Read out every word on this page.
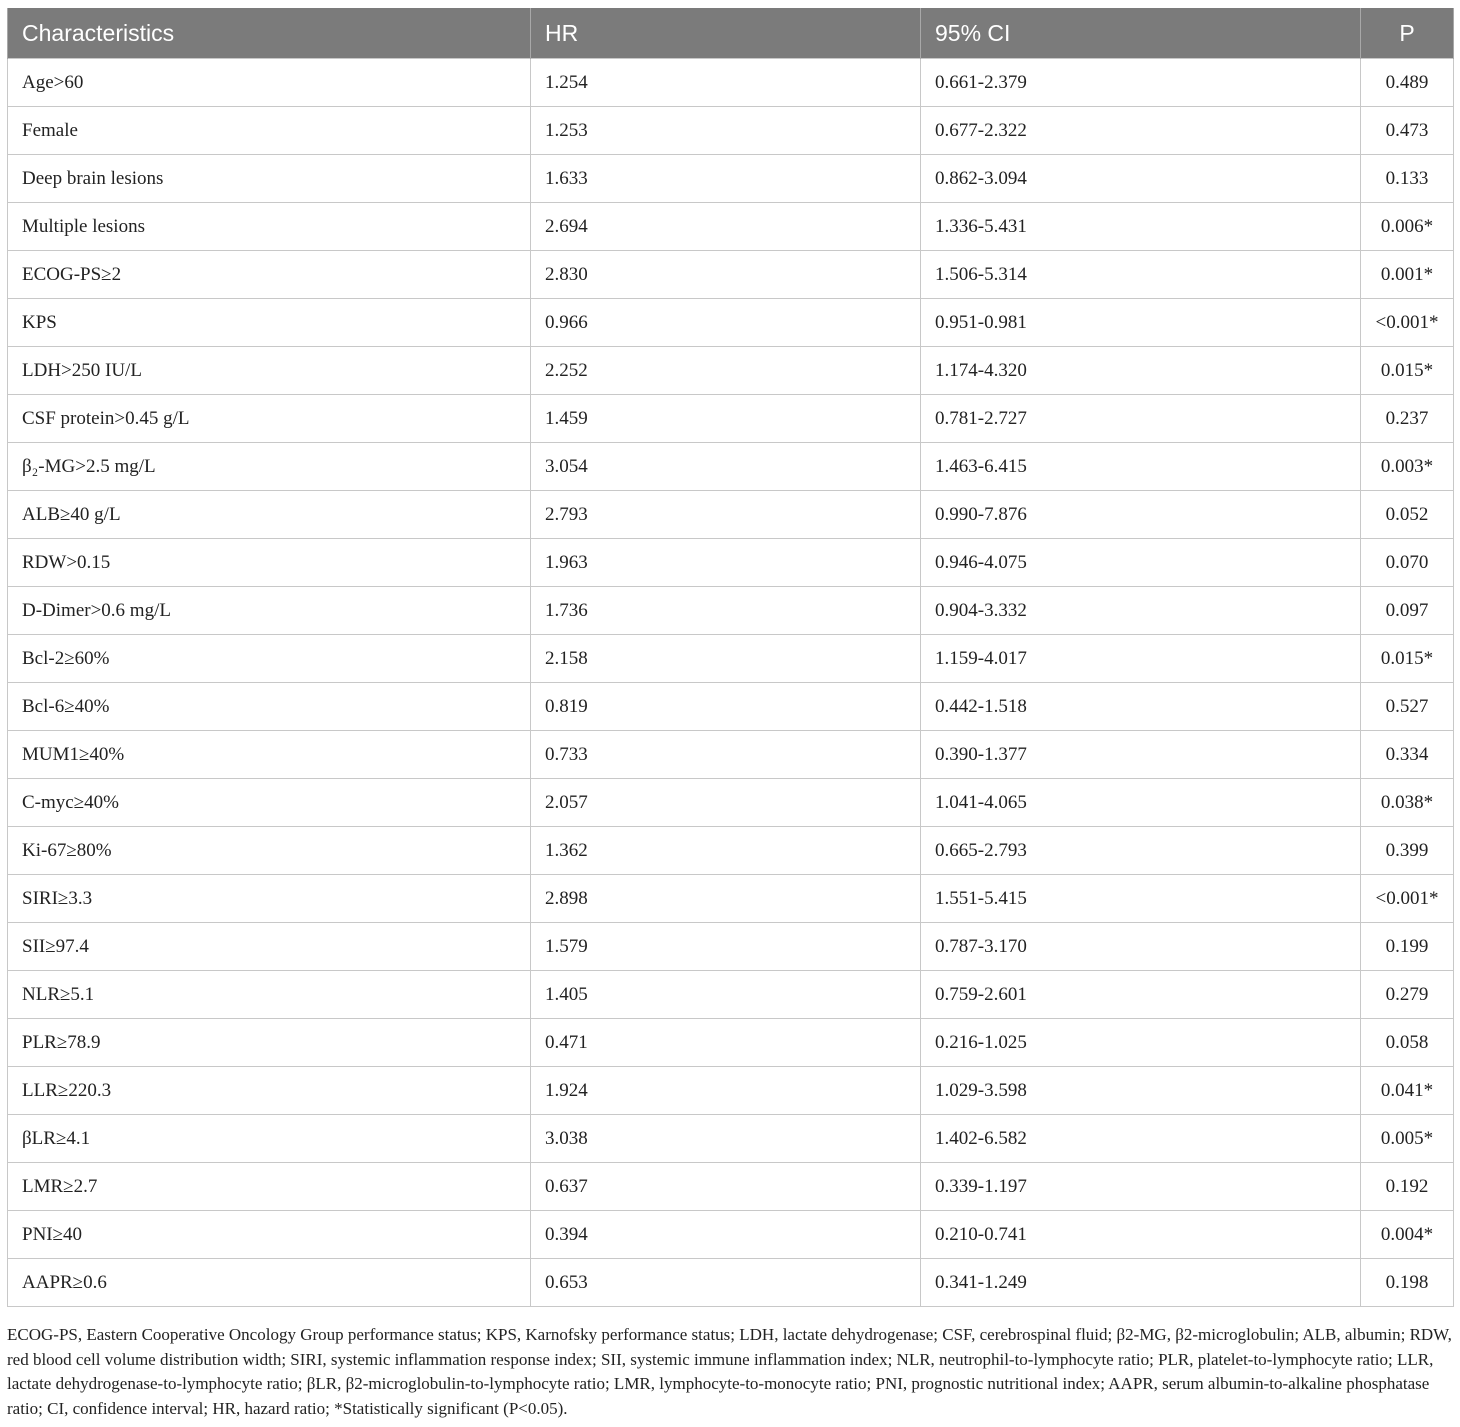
Characteristics	HR	95% CI	P
Age>60	1.254	0.661-2.379	0.489
Female	1.253	0.677-2.322	0.473
Deep brain lesions	1.633	0.862-3.094	0.133
Multiple lesions	2.694	1.336-5.431	0.006*
ECOG-PS≥2	2.830	1.506-5.314	0.001*
KPS	0.966	0.951-0.981	<0.001*
LDH>250 IU/L	2.252	1.174-4.320	0.015*
CSF protein>0.45 g/L	1.459	0.781-2.727	0.237
β₂-MG>2.5 mg/L	3.054	1.463-6.415	0.003*
ALB≥40 g/L	2.793	0.990-7.876	0.052
RDW>0.15	1.963	0.946-4.075	0.070
D-Dimer>0.6 mg/L	1.736	0.904-3.332	0.097
Bcl-2≥60%	2.158	1.159-4.017	0.015*
Bcl-6≥40%	0.819	0.442-1.518	0.527
MUM1≥40%	0.733	0.390-1.377	0.334
C-myc≥40%	2.057	1.041-4.065	0.038*
Ki-67≥80%	1.362	0.665-2.793	0.399
SIRI≥3.3	2.898	1.551-5.415	<0.001*
SII≥97.4	1.579	0.787-3.170	0.199
NLR≥5.1	1.405	0.759-2.601	0.279
PLR≥78.9	0.471	0.216-1.025	0.058
LLR≥220.3	1.924	1.029-3.598	0.041*
βLR≥4.1	3.038	1.402-6.582	0.005*
LMR≥2.7	0.637	0.339-1.197	0.192
PNI≥40	0.394	0.210-0.741	0.004*
AAPR≥0.6	0.653	0.341-1.249	0.198
ECOG-PS, Eastern Cooperative Oncology Group performance status; KPS, Karnofsky performance status; LDH, lactate dehydrogenase; CSF, cerebrospinal fluid; β2-MG, β2-microglobulin; ALB, albumin; RDW, red blood cell volume distribution width; SIRI, systemic inflammation response index; SII, systemic immune inflammation index; NLR, neutrophil-to-lymphocyte ratio; PLR, platelet-to-lymphocyte ratio; LLR, lactate dehydrogenase-to-lymphocyte ratio; βLR, β2-microglobulin-to-lymphocyte ratio; LMR, lymphocyte-to-monocyte ratio; PNI, prognostic nutritional index; AAPR, serum albumin-to-alkaline phosphatase ratio; CI, confidence interval; HR, hazard ratio; *Statistically significant (P<0.05).
